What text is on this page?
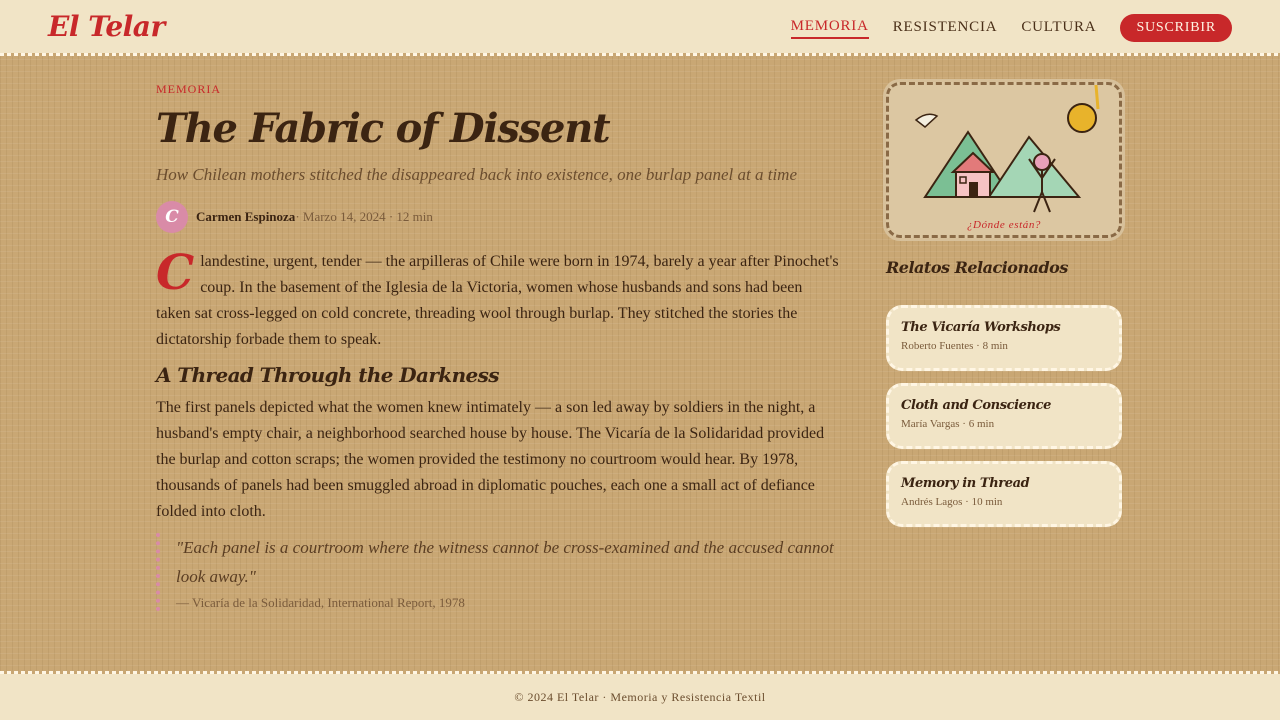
El Telar	MEMORIA RESISTENCIA CULTURA	SUSCRIBIR
MEMORIA
The Fabric of Dissent

How Chilean mothers stitched the disappeared back into existence, one burlap panel at a time

C	Carmen Espinoza · Marzo 14, 2024 · 12 min

Clandestine, urgent, tender — the arpilleras of Chile were born in 1974, barely a year after Pinochet's coup. In the basement of the Iglesia de la Victoria, women whose husbands and sons had been taken sat cross-legged on cold concrete, threading wool through burlap. They stitched the stories the dictatorship forbade them to speak.

A Thread Through the Darkness

The first panels depicted what the women knew intimately — a son led away by soldiers in the night, a husband's empty chair, a neighborhood searched house by house. The Vicaría de la Solidaridad provided the burlap and cotton scraps; the women provided the testimony no courtroom would hear. By 1978, thousands of panels had been smuggled abroad in diplomatic pouches, each one a small act of defiance folded into cloth.

"Each panel is a courtroom where the witness cannot be cross-examined and the accused cannot look away."
— Vicaría de la Solidaridad, International Report, 1978
¿Dónde están?
Relatos Relacionados
The Vicaría Workshops
Roberto Fuentes · 8 min
Cloth and Conscience
María Vargas · 6 min
Memory in Thread
Andrés Lagos · 10 min
© 2024 El Telar · Memoria y Resistencia Textil
